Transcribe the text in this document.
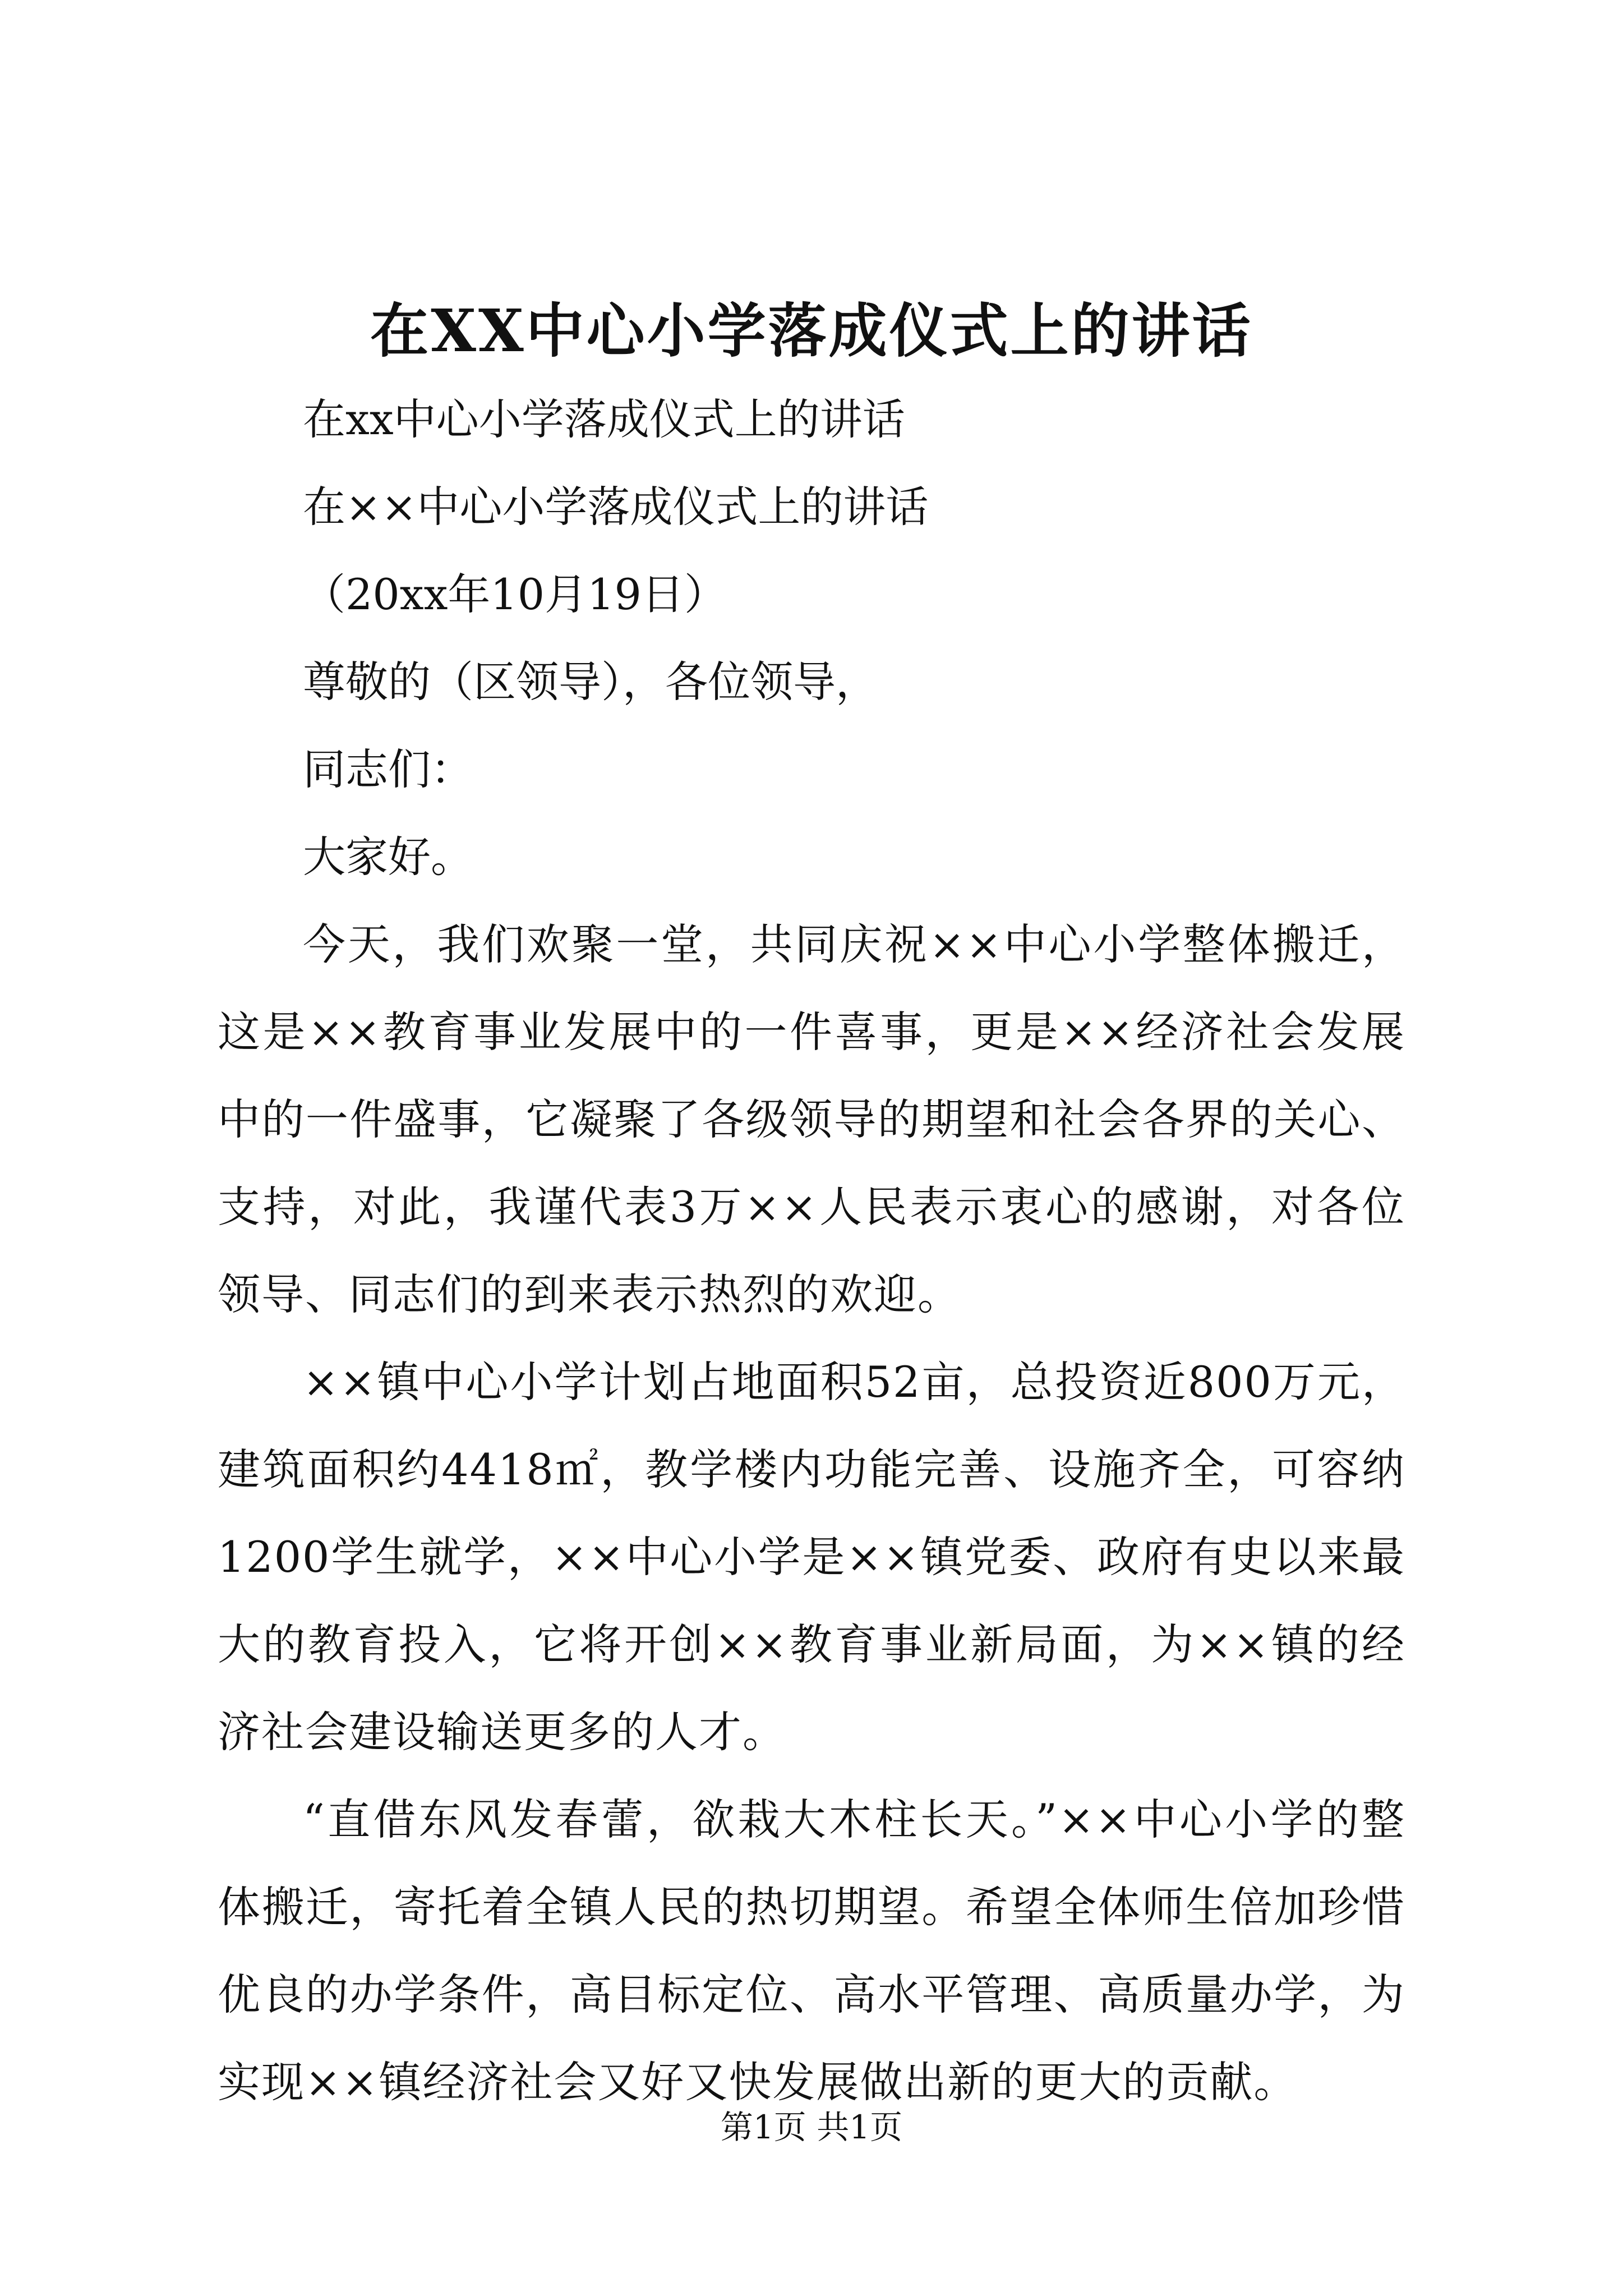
在XX中心小学落成仪式上的讲话
在xx中心小学落成仪式上的讲话
在××中心小学落成仪式上的讲话
（20xx年10月19日）
尊敬的（区领导），各位领导，
同志们：
大家好。

今天，我们欢聚一堂，共同庆祝××中心小学整体搬迁，这是××教育事业发展中的一件喜事，更是××经济社会发展中的一件盛事，它凝聚了各级领导的期望和社会各界的关心、支持，对此，我谨代表3万××人民表示衷心的感谢，对各位领导、同志们的到来表示热烈的欢迎。

××镇中心小学计划占地面积52亩，总投资近800万元，建筑面积约4418㎡，教学楼内功能完善、设施齐全，可容纳1200学生就学，××中心小学是××镇党委、政府有史以来最大的教育投入，它将开创××教育事业新局面，为××镇的经济社会建设输送更多的人才。

“直借东风发春蕾，欲栽大木柱长天。”××中心小学的整体搬迁，寄托着全镇人民的热切期望。希望全体师生倍加珍惜优良的办学条件，高目标定位、高水平管理、高质量办学，为实现××镇经济社会又好又快发展做出新的更大的贡献。

第1页 共1页
